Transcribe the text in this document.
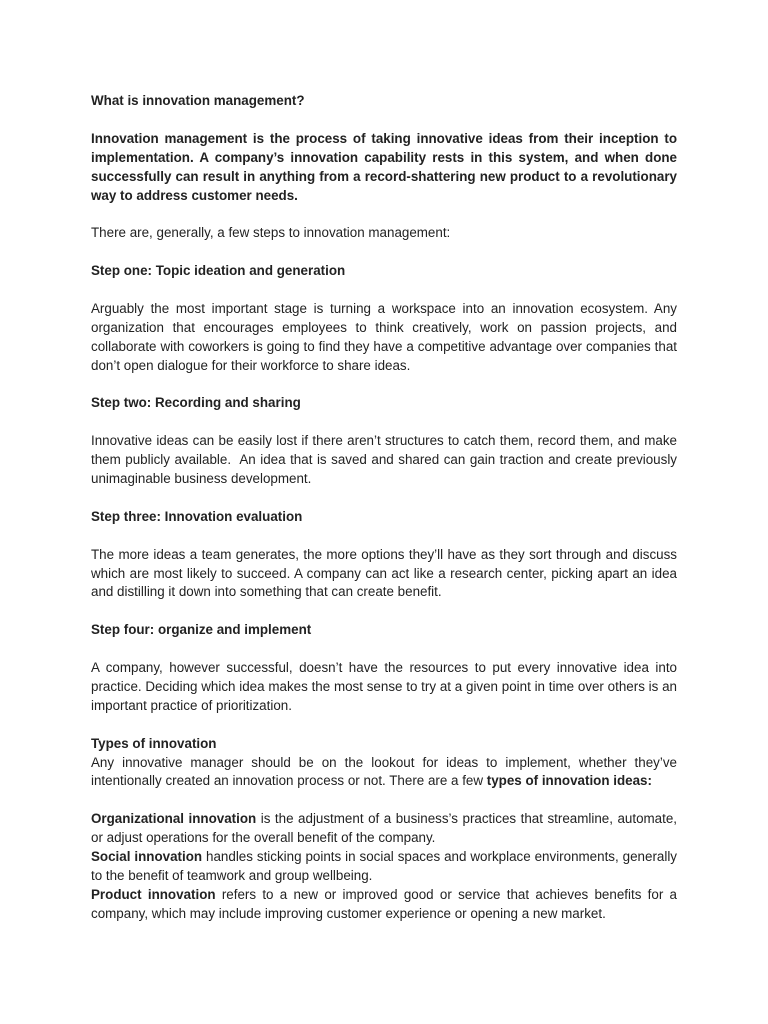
What is innovation management?

Innovation management is the process of taking innovative ideas from their inception to implementation. A company’s innovation capability rests in this system, and when done successfully can result in anything from a record-shattering new product to a revolutionary way to address customer needs.

There are, generally, a few steps to innovation management:

Step one: Topic ideation and generation

Arguably the most important stage is turning a workspace into an innovation ecosystem. Any organization that encourages employees to think creatively, work on passion projects, and collaborate with coworkers is going to find they have a competitive advantage over companies that don’t open dialogue for their workforce to share ideas.

Step two: Recording and sharing

Innovative ideas can be easily lost if there aren’t structures to catch them, record them, and make them publicly available.  An idea that is saved and shared can gain traction and create previously unimaginable business development.

Step three: Innovation evaluation

The more ideas a team generates, the more options they’ll have as they sort through and discuss which are most likely to succeed. A company can act like a research center, picking apart an idea and distilling it down into something that can create benefit.

Step four: organize and implement

A company, however successful, doesn’t have the resources to put every innovative idea into practice. Deciding which idea makes the most sense to try at a given point in time over others is an important practice of prioritization.

Types of innovation

Any innovative manager should be on the lookout for ideas to implement, whether they’ve intentionally created an innovation process or not. There are a few types of innovation ideas:

Organizational innovation is the adjustment of a business’s practices that streamline, automate, or adjust operations for the overall benefit of the company.

Social innovation handles sticking points in social spaces and workplace environments, generally to the benefit of teamwork and group wellbeing.

Product innovation refers to a new or improved good or service that achieves benefits for a company, which may include improving customer experience or opening a new market.
